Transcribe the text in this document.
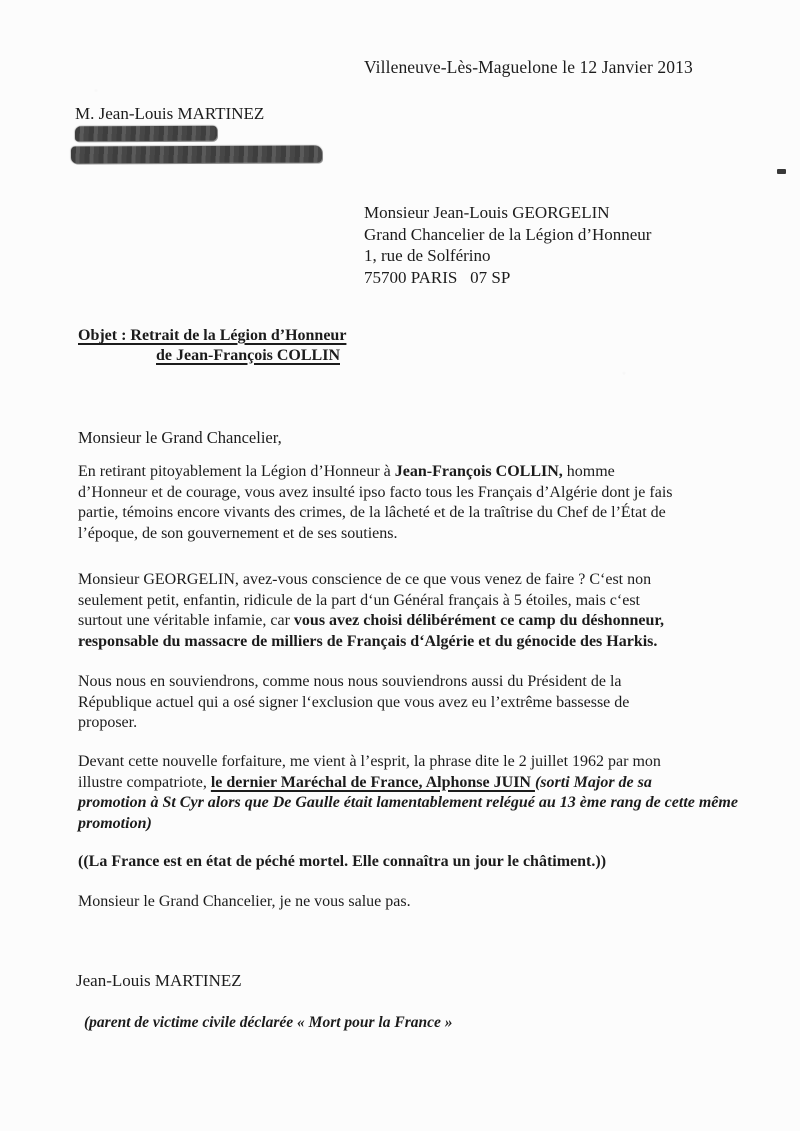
Villeneuve-Lès-Maguelone le 12 Janvier 2013
M. Jean-Louis MARTINEZ
Monsieur Jean-Louis GEORGELIN
Grand Chancelier de la Légion d’Honneur
1, rue de Solférino
75700 PARIS   07 SP
Objet : Retrait de la Légion d’Honneur
de Jean-François COLLIN
Monsieur le Grand Chancelier,
En retirant pitoyablement la Légion d’Honneur à Jean-François COLLIN, homme
d’Honneur et de courage, vous avez insulté ipso facto tous les Français d’Algérie dont je fais
partie, témoins encore vivants des crimes, de la lâcheté et de la traîtrise du Chef de l’État de
l’époque, de son gouvernement et de ses soutiens.
Monsieur GEORGELIN, avez-vous conscience de ce que vous venez de faire ? C‘est non
seulement petit, enfantin, ridicule de la part d‘un Général français à 5 étoiles, mais c‘est
surtout une véritable infamie, car vous avez choisi délibérément ce camp du déshonneur,
responsable du massacre de milliers de Français d‘Algérie et du génocide des Harkis.
Nous nous en souviendrons, comme nous nous souviendrons aussi du Président de la
République actuel qui a osé signer l‘exclusion que vous avez eu l’extrême bassesse de
proposer.
Devant cette nouvelle forfaiture, me vient à l’esprit, la phrase dite le 2 juillet 1962 par mon
illustre compatriote, le dernier Maréchal de France, Alphonse JUIN (sorti Major de sa
promotion à St Cyr alors que De Gaulle était lamentablement relégué au 13 ème rang de cette même
promotion)
((La France est en état de péché mortel. Elle connaîtra un jour le châtiment.))
Monsieur le Grand Chancelier, je ne vous salue pas.
Jean-Louis MARTINEZ
(parent de victime civile déclarée « Mort pour la France »
